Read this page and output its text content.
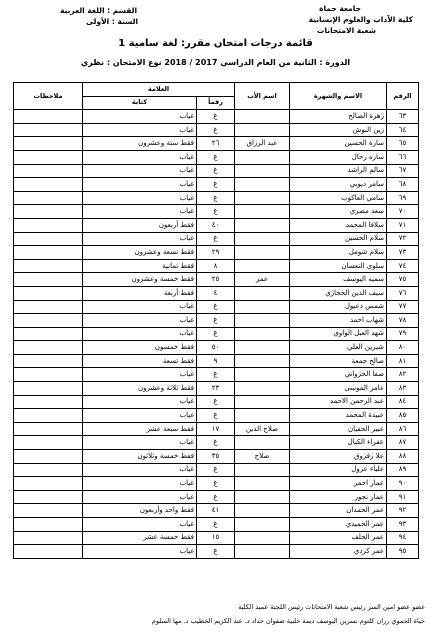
القسم : اللغة العربية
السنة : الأولى
جامعة حماة
كلية الآداب والعلوم الإنسانية
شعبة الامتحانات
قائمة درجات امتحان مقرر: لغة سامية 1
الدورة : الثانية من العام الدراسي 2017 / 2018 نوع الامتحان : نظري
الرقم	الاسم والشهرة	اسم الأب	العلامة		ملاحظات
			رقماً	كتابة	
٦٣	زهرة الصالح		غ	غياب	
٦٤	زين البوش		غ	غياب	
٦٥	سارة الحسين	عبد الرزاق	٢٦	فقط ستة وعشرون	
٦٦	ساره رحال		غ	غياب	
٦٧	سالم الراشد		غ	غياب	
٦٨	سامر ديوبي		غ	غياب	
٦٩	سامي العاكوب		غ	غياب	
٧٠	سعد مصري		غ	غياب	
٧١	سلافا المحمد		٤٠	فقط أربعون	
٧٢	سلام الحسين		غ	غياب	
٧٣	سلام شومل		٢٩	فقط تسعة وعشرون	
٧٤	سلوى النعسان		٨	فقط ثمانية	
٧٥	سميه اليوسف	عمر	٢٥	فقط خمسة وعشرون	
٧٦	سيف الدين الحجازي		٤	فقط أربعة	
٧٧	شمس دعبول		غ	غياب	
٧٨	شهاب احمد		غ	غياب	
٧٩	شهد العبل الواوي		غ	غياب	
٨٠	شيرين العلي		٥٠	فقط خمسون	
٨١	صالح جمعة		٩	فقط تسعة	
٨٢	صفا الحزواني		غ	غياب	
٨٣	عامر الموسى		٢٣	فقط ثلاثة وعشرون	
٨٤	عبد الرحمن الاحمد		غ	غياب	
٨٥	عبيدة المحمد		غ	غياب	
٨٦	عبير الحفيان	صلاح الدين	١٧	فقط سبعة عشر	
٨٧	عفراء الكيال		غ	غياب	
٨٨	علا زقزوق	صلاح	٣٥	فقط خمسة وثلاثون	
٨٩	علياء عزول		غ	غياب	
٩٠	عمار احمر		غ	غياب	
٩١	عمار نجور		غ	غياب	
٩٢	عمر الحمدان		٤١	فقط واحد وأربعون	
٩٣	عمر الحميدي		غ	غياب	
٩٤	عمر الخلف		١٥	فقط خمسة عشر	
٩٥	عمر كردي		غ	غياب	
عضو عضو امين السر رئيس شعبة الامتحانات رئيس اللجنة عميد الكلية
حياة الحموي رزان كلثوم نسرين اليوسف ديمة حلبية صفوان حداد د. عبد الكريم الخطيب د. مها السلوم
